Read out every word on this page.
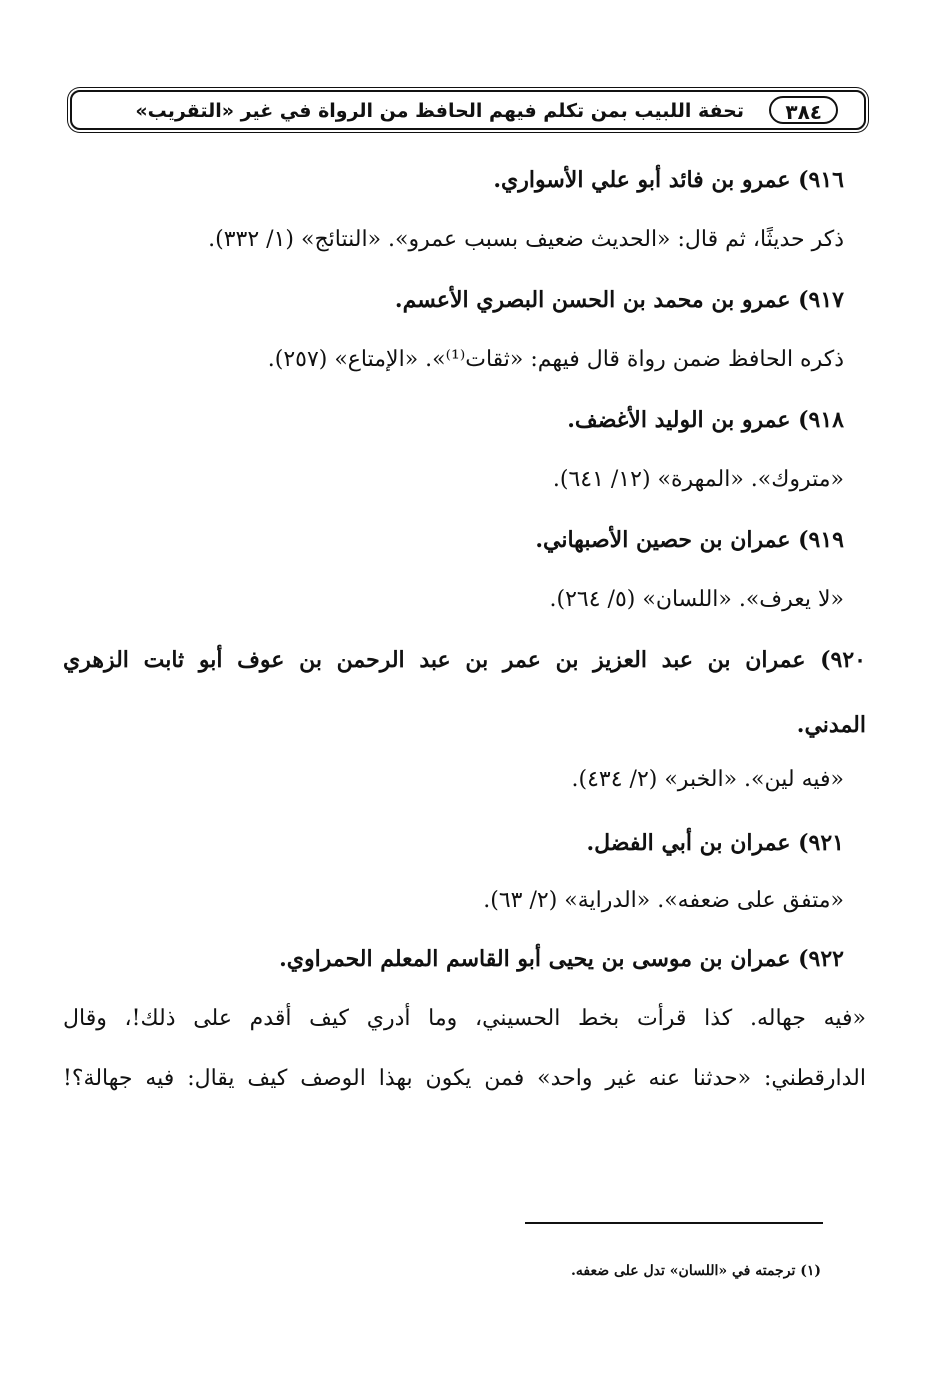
٣٨٤
تحفة اللبيب بمن تكلم فيهم الحافظ من الرواة في غير «التقريب»
٩١٦) عمرو بن فائد أبو علي الأسواري.
ذكر حديثًا، ثم قال: «الحديث ضعيف بسبب عمرو». «النتائج» (١/ ٣٣٢).
٩١٧) عمرو بن محمد بن الحسن البصري الأعسم.
ذكره الحافظ ضمن رواة قال فيهم: «ثقات⁽¹⁾». «الإمتاع» (٢٥٧).
٩١٨) عمرو بن الوليد الأغضف.
«متروك». «المهرة» (١٢/ ٦٤١).
٩١٩) عمران بن حصين الأصبهاني.
«لا يعرف». «اللسان» (٥/ ٢٦٤).
٩٢٠) عمران بن عبد العزيز بن عمر بن عبد الرحمن بن عوف أبو ثابت الزهري
المدني.
«فيه لين». «الخبر» (٢/ ٤٣٤).
٩٢١) عمران بن أبي الفضل.
«متفق على ضعفه». «الدراية» (٢/ ٦٣).
٩٢٢) عمران بن موسى بن يحيى أبو القاسم المعلم الحمراوي.
«فيه جهاله. كذا قرأت بخط الحسيني، وما أدري كيف أقدم على ذلك!، وقال
الدارقطني: «حدثنا عنه غير واحد» فمن يكون بهذا الوصف كيف يقال: فيه جهالة؟!
(١) ترجمته في «اللسان» تدل على ضعفه.
